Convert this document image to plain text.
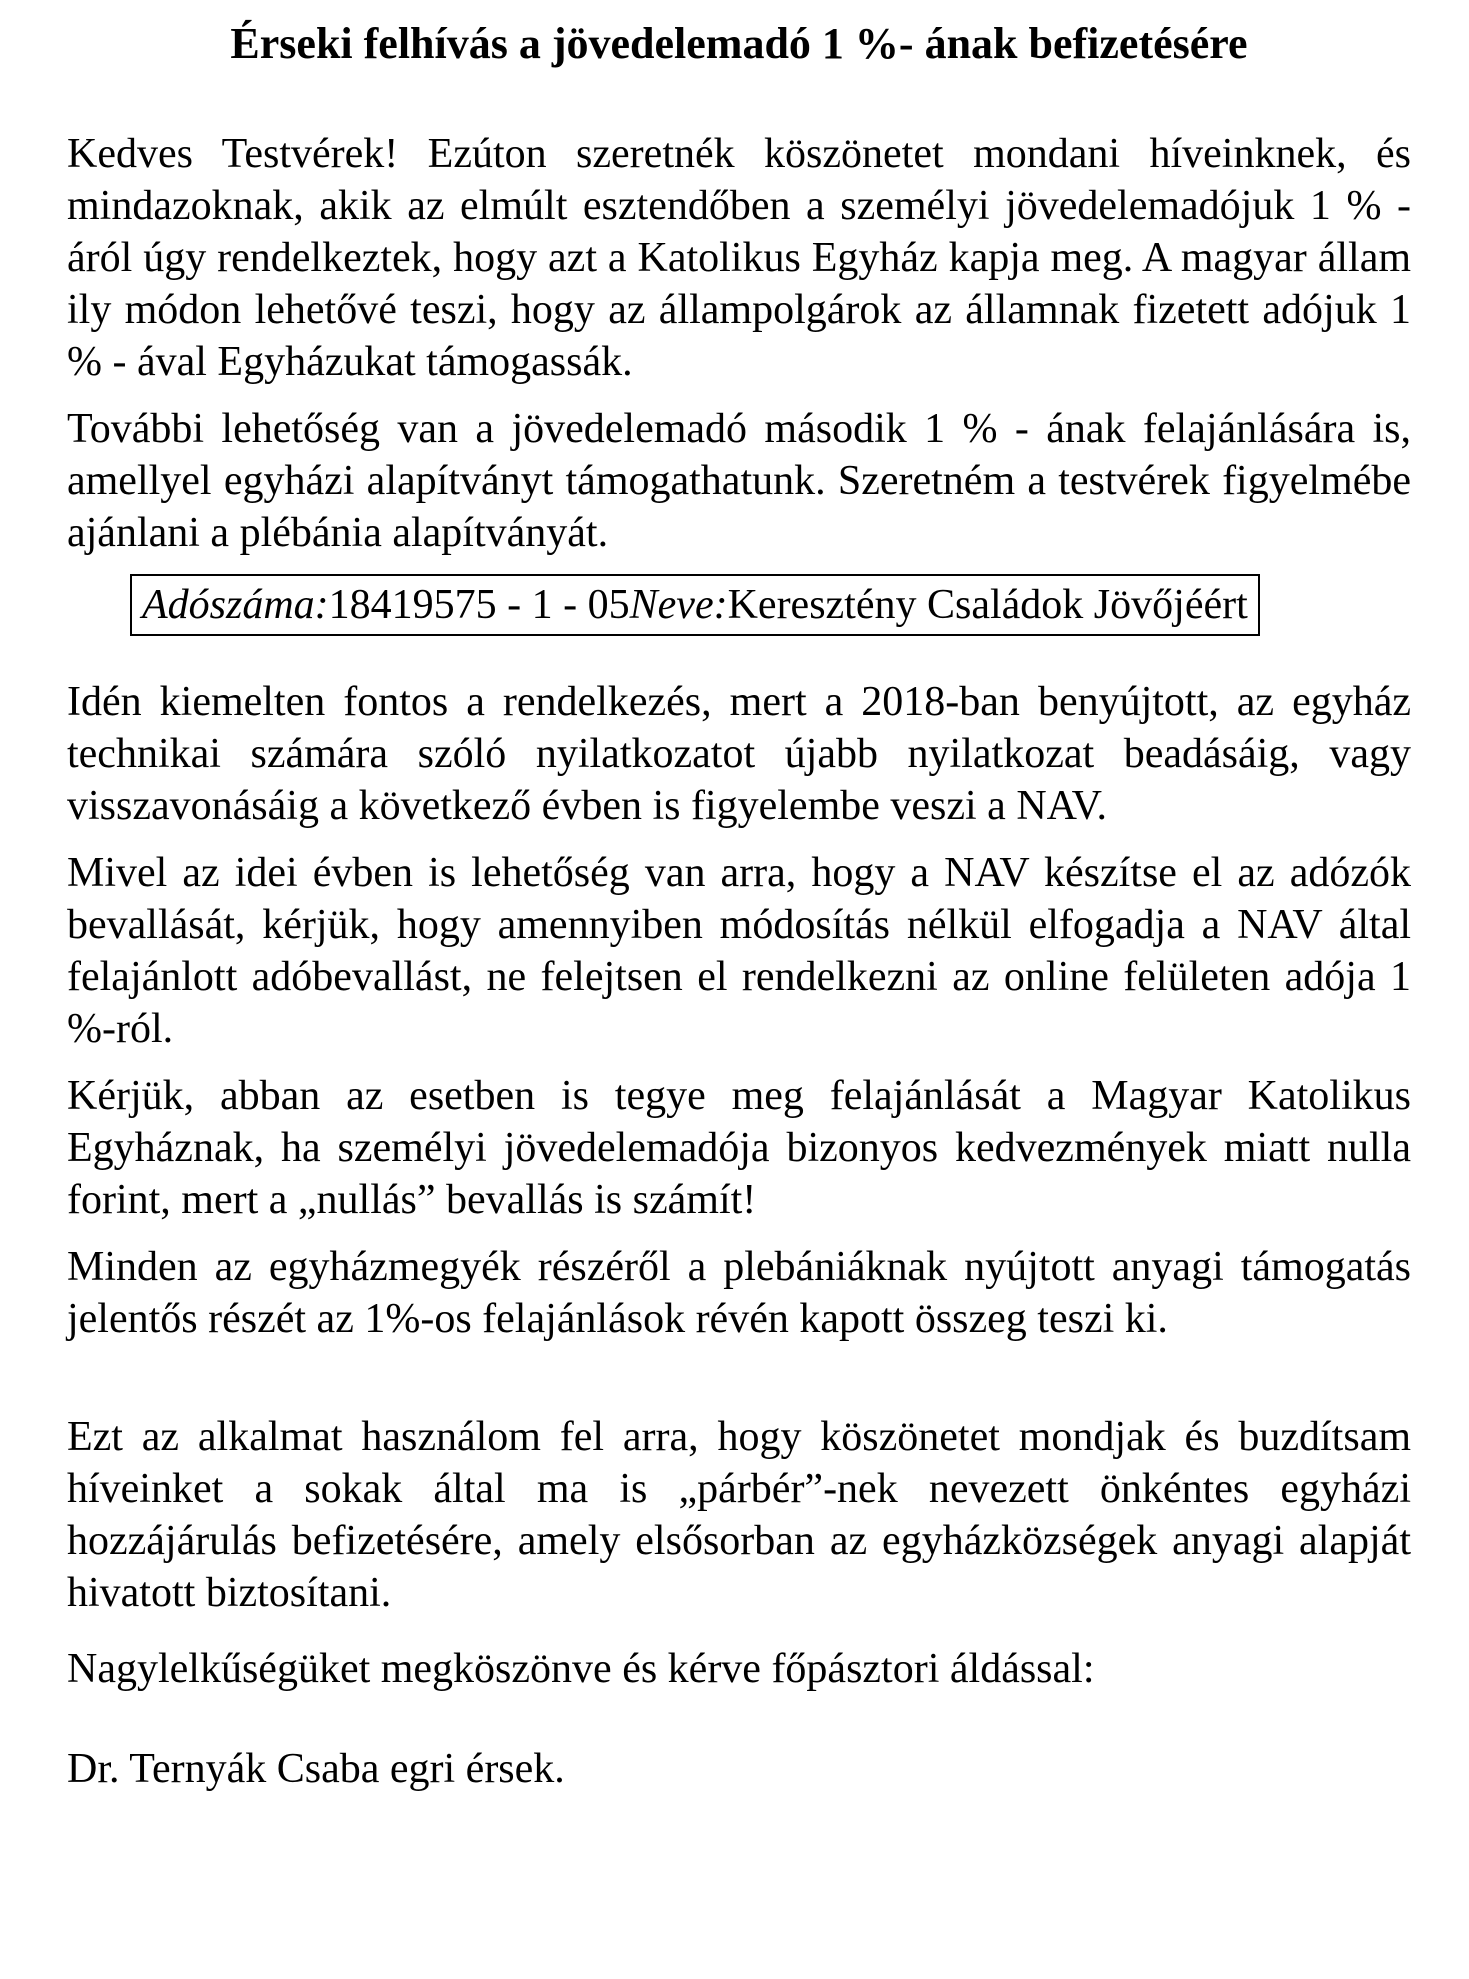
Érseki felhívás a jövedelemadó 1 %- ának befizetésére

Kedves Testvérek! Ezúton szeretnék köszönetet mondani híveinknek, és mindazoknak, akik az elmúlt esztendőben a személyi jövedelemadójuk 1 % - áról úgy rendelkeztek, hogy azt a Katolikus Egyház kapja meg. A magyar állam ily módon lehetővé teszi, hogy az állampolgárok az államnak fizetett adójuk 1 % - ával Egyházukat támogassák.

További lehetőség van a jövedelemadó második 1 % - ának felajánlására is, amellyel egyházi alapítványt támogathatunk. Szeretném a testvérek figyelmébe ajánlani a plébánia alapítványát.

Adószáma:18419575 - 1 - 05Neve:Keresztény Családok Jövőjéért

Idén kiemelten fontos a rendelkezés, mert a 2018-ban benyújtott, az egyház technikai számára szóló nyilatkozatot újabb nyilatkozat beadásáig, vagy visszavonásáig a következő évben is figyelembe veszi a NAV.

Mivel az idei évben is lehetőség van arra, hogy a NAV készítse el az adózók bevallását, kérjük, hogy amennyiben módosítás nélkül elfogadja a NAV által felajánlott adóbevallást, ne felejtsen el rendelkezni az online felületen adója 1 %-ról.

Kérjük, abban az esetben is tegye meg felajánlását a Magyar Katolikus Egyháznak, ha személyi jövedelemadója bizonyos kedvezmények miatt nulla forint, mert a „nullás” bevallás is számít!

Minden az egyházmegyék részéről a plebániáknak nyújtott anyagi támogatás jelentős részét az 1%-os felajánlások révén kapott összeg teszi ki.

Ezt az alkalmat használom fel arra, hogy köszönetet mondjak és buzdítsam híveinket a sokak által ma is „párbér”-nek nevezett önkéntes egyházi hozzájárulás befizetésére, amely elsősorban az egyházközségek anyagi alapját hivatott biztosítani.

Nagylelkűségüket megköszönve és kérve főpásztori áldással:

Dr. Ternyák Csaba egri érsek.
